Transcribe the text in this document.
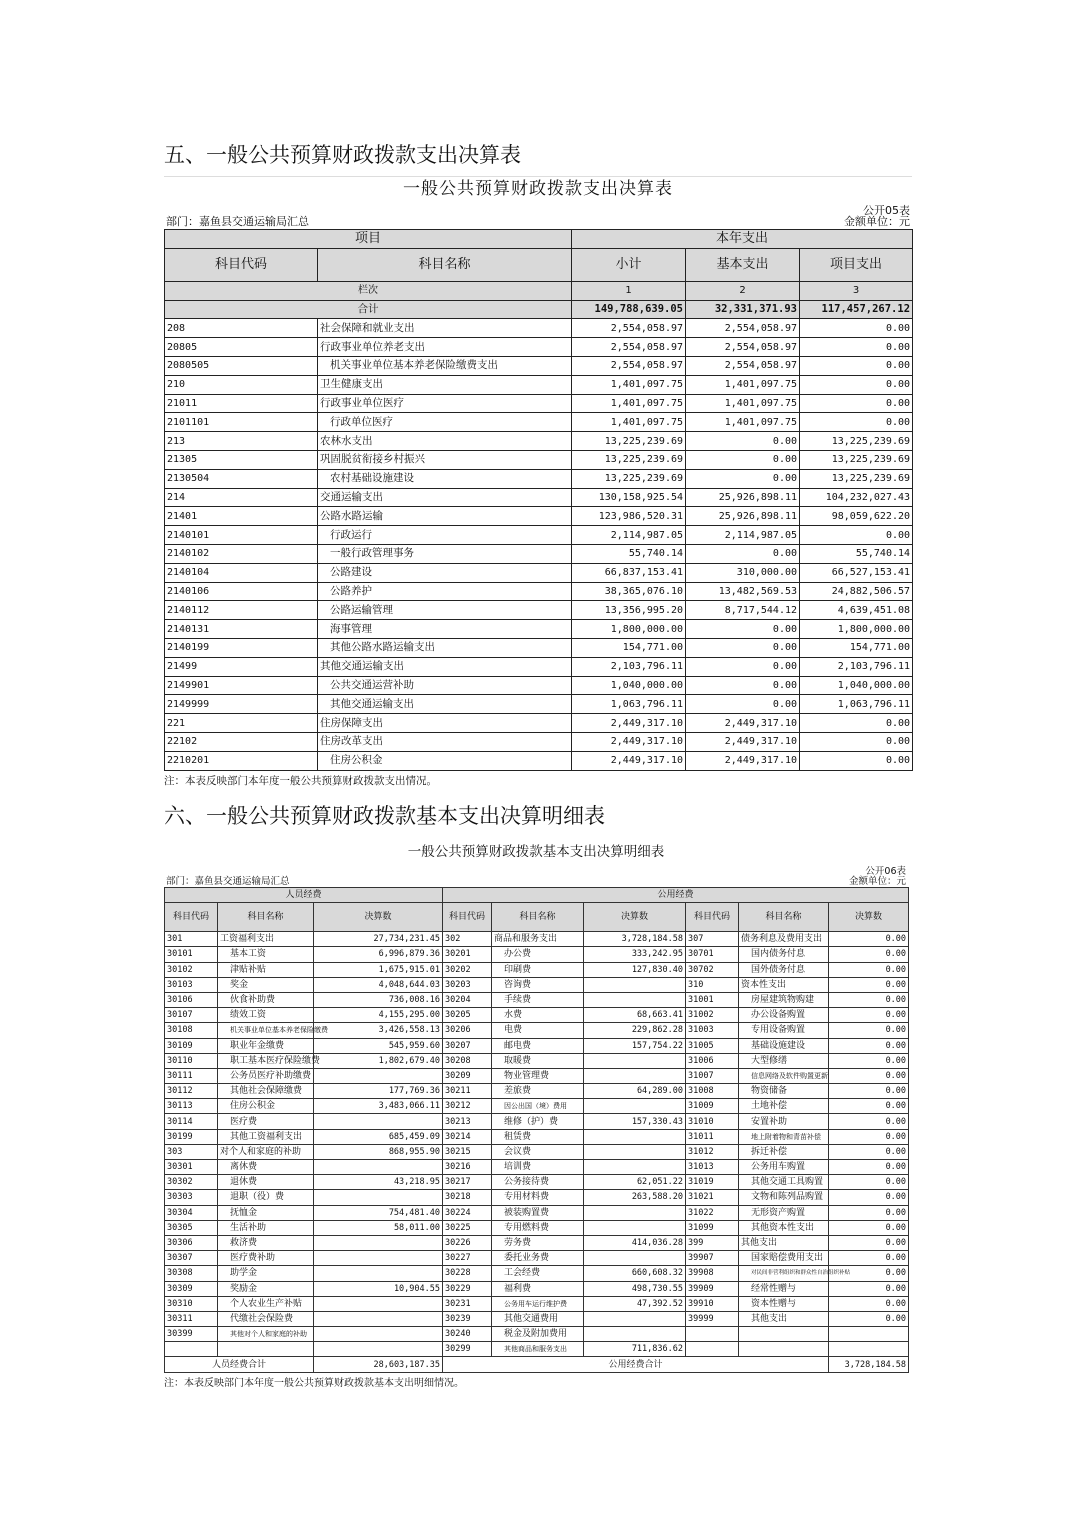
五、一般公共预算财政拨款支出决算表
一般公共预算财政拨款支出决算表
公开05表
部门：嘉鱼县交通运输局汇总	金额单位：元
项目		本年支出		
科目代码	科目名称	小计	基本支出	项目支出
栏次		1	2	3
合计		149,788,639.05	32,331,371.93	117,457,267.12
208	社会保障和就业支出	2,554,058.97	2,554,058.97	0.00
20805	行政事业单位养老支出	2,554,058.97	2,554,058.97	0.00
2080505	机关事业单位基本养老保险缴费支出	2,554,058.97	2,554,058.97	0.00
210	卫生健康支出	1,401,097.75	1,401,097.75	0.00
21011	行政事业单位医疗	1,401,097.75	1,401,097.75	0.00
2101101	行政单位医疗	1,401,097.75	1,401,097.75	0.00
213	农林水支出	13,225,239.69	0.00	13,225,239.69
21305	巩固脱贫衔接乡村振兴	13,225,239.69	0.00	13,225,239.69
2130504	农村基础设施建设	13,225,239.69	0.00	13,225,239.69
214	交通运输支出	130,158,925.54	25,926,898.11	104,232,027.43
21401	公路水路运输	123,986,520.31	25,926,898.11	98,059,622.20
2140101	行政运行	2,114,987.05	2,114,987.05	0.00
2140102	一般行政管理事务	55,740.14	0.00	55,740.14
2140104	公路建设	66,837,153.41	310,000.00	66,527,153.41
2140106	公路养护	38,365,076.10	13,482,569.53	24,882,506.57
2140112	公路运输管理	13,356,995.20	8,717,544.12	4,639,451.08
2140131	海事管理	1,800,000.00	0.00	1,800,000.00
2140199	其他公路水路运输支出	154,771.00	0.00	154,771.00
21499	其他交通运输支出	2,103,796.11	0.00	2,103,796.11
2149901	公共交通运营补助	1,040,000.00	0.00	1,040,000.00
2149999	其他交通运输支出	1,063,796.11	0.00	1,063,796.11
221	住房保障支出	2,449,317.10	2,449,317.10	0.00
22102	住房改革支出	2,449,317.10	2,449,317.10	0.00
2210201	住房公积金	2,449,317.10	2,449,317.10	0.00
注：本表反映部门本年度一般公共预算财政拨款支出情况。
六、一般公共预算财政拨款基本支出决算明细表
一般公共预算财政拨款基本支出决算明细表
公开06表
部门：嘉鱼县交通运输局汇总	金额单位：元
人员经费			公用经费					
科目代码	科目名称	决算数	科目代码	科目名称	决算数	科目代码	科目名称	决算数
301	工资福利支出	27,734,231.45	302	商品和服务支出	3,728,184.58	307	债务利息及费用支出	0.00
30101	基本工资	6,996,879.36	30201	办公费	333,242.95	30701	国内债务付息	0.00
30102	津贴补贴	1,675,915.01	30202	印刷费	127,830.40	30702	国外债务付息	0.00
30103	奖金	4,048,644.03	30203	咨询费		310	资本性支出	0.00
30106	伙食补助费	736,008.16	30204	手续费		31001	房屋建筑物购建	0.00
30107	绩效工资	4,155,295.00	30205	水费	68,663.41	31002	办公设备购置	0.00
30108	机关事业单位基本养老保险缴费	3,426,558.13	30206	电费	229,862.28	31003	专用设备购置	0.00
30109	职业年金缴费	545,959.60	30207	邮电费	157,754.22	31005	基础设施建设	0.00
30110	职工基本医疗保险缴费	1,802,679.40	30208	取暖费		31006	大型修缮	0.00
30111	公务员医疗补助缴费		30209	物业管理费		31007	信息网络及软件购置更新	0.00
30112	其他社会保障缴费	177,769.36	30211	差旅费	64,289.00	31008	物资储备	0.00
30113	住房公积金	3,483,066.11	30212	因公出国（境）费用		31009	土地补偿	0.00
30114	医疗费		30213	维修（护）费	157,330.43	31010	安置补助	0.00
30199	其他工资福利支出	685,459.09	30214	租赁费		31011	地上附着物和青苗补偿	0.00
303	对个人和家庭的补助	868,955.90	30215	会议费		31012	拆迁补偿	0.00
30301	离休费		30216	培训费		31013	公务用车购置	0.00
30302	退休费	43,218.95	30217	公务接待费	62,051.22	31019	其他交通工具购置	0.00
30303	退职（役）费		30218	专用材料费	263,588.20	31021	文物和陈列品购置	0.00
30304	抚恤金	754,481.40	30224	被装购置费		31022	无形资产购置	0.00
30305	生活补助	58,011.00	30225	专用燃料费		31099	其他资本性支出	0.00
30306	救济费		30226	劳务费	414,036.28	399	其他支出	0.00
30307	医疗费补助		30227	委托业务费		39907	国家赔偿费用支出	0.00
30308	助学金		30228	工会经费	660,608.32	39908	对民间非营利组织和群众性自治组织补贴	0.00
30309	奖励金	10,904.55	30229	福利费	498,730.55	39909	经常性赠与	0.00
30310	个人农业生产补贴		30231	公务用车运行维护费	47,392.52	39910	资本性赠与	0.00
30311	代缴社会保险费		30239	其他交通费用		39999	其他支出	0.00
30399	其他对个人和家庭的补助		30240	税金及附加费用				
			30299	其他商品和服务支出	711,836.62			
人员经费合计		28,603,187.35	公用经费合计					3,728,184.58
注：本表反映部门本年度一般公共预算财政拨款基本支出明细情况。
